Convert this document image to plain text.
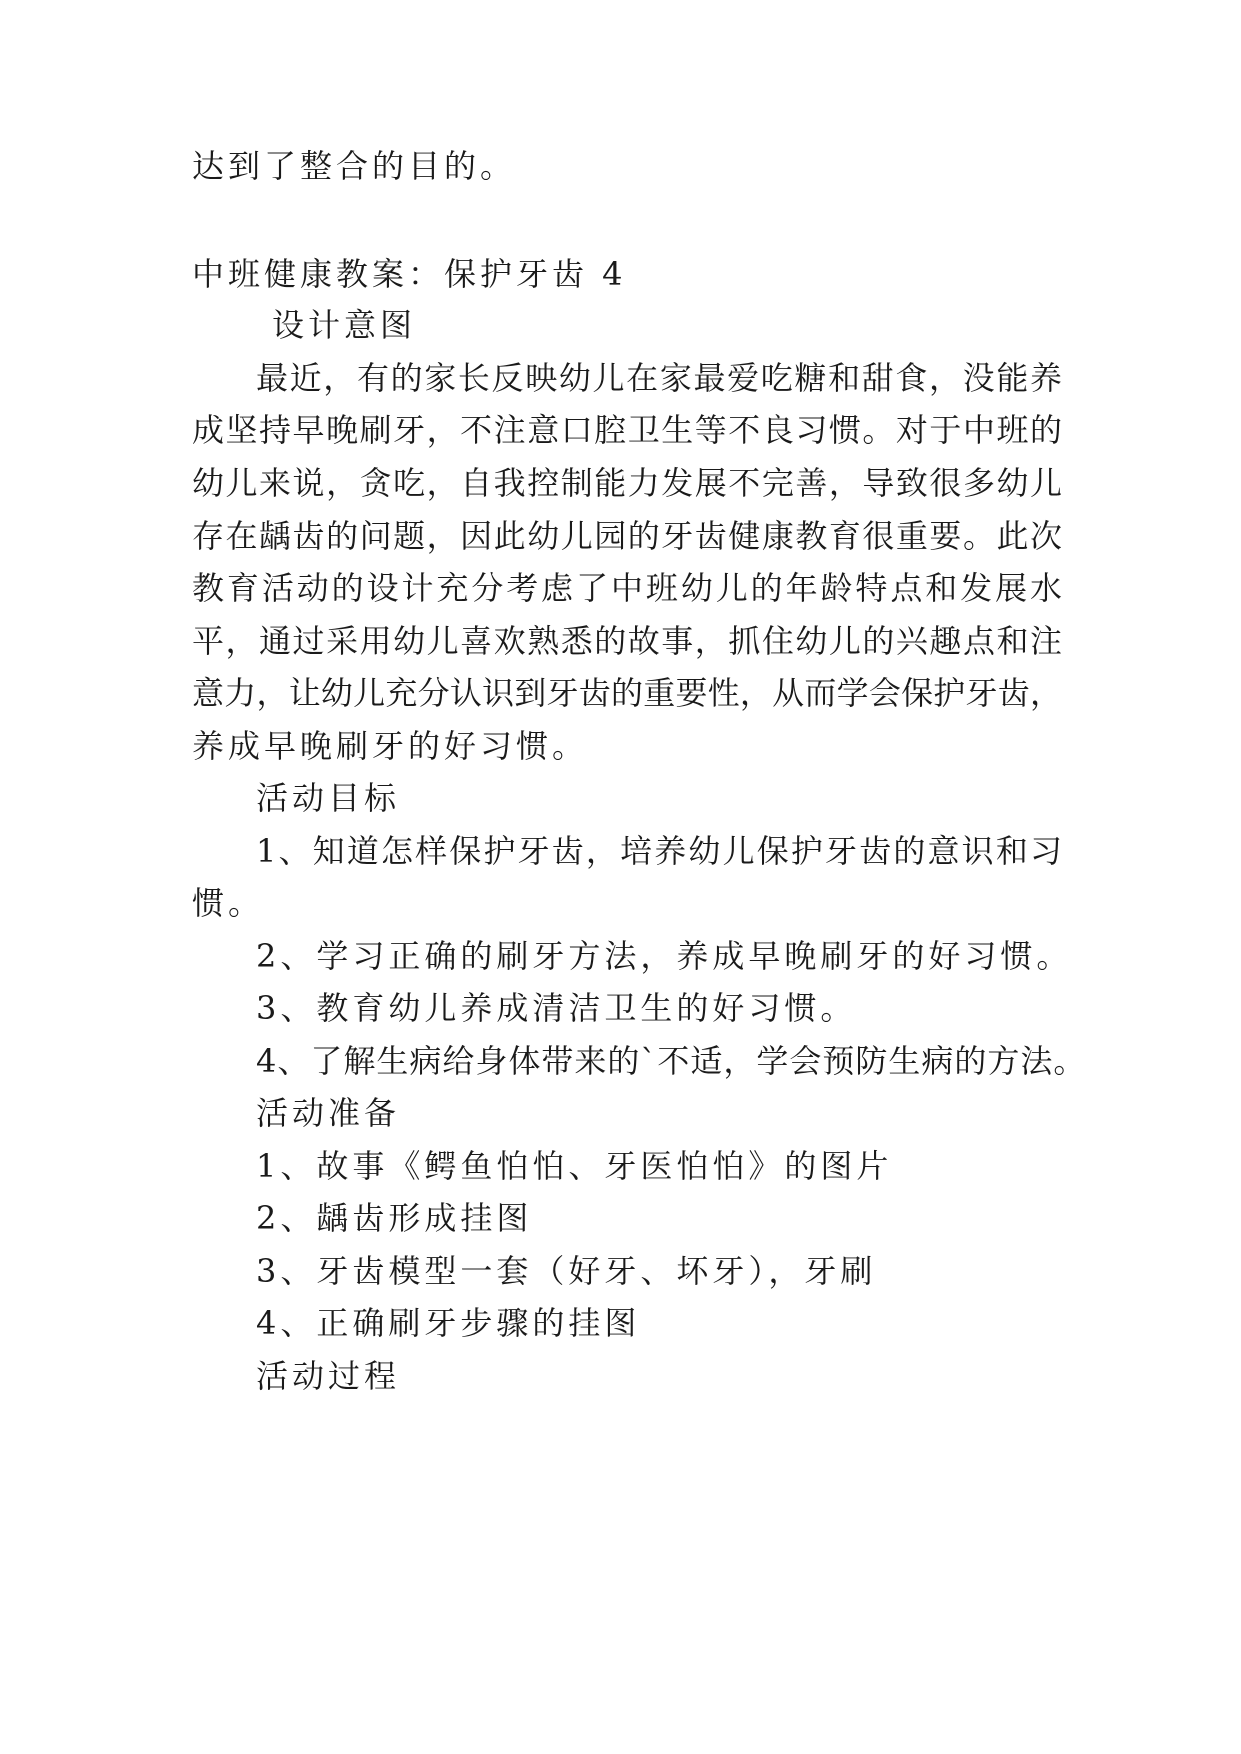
达到了整合的目的。
中班健康教案：保护牙齿 4
设计意图
最近，有的家长反映幼儿在家最爱吃糖和甜食，没能养
成坚持早晚刷牙，不注意口腔卫生等不良习惯。对于中班的
幼儿来说，贪吃，自我控制能力发展不完善，导致很多幼儿
存在龋齿的问题，因此幼儿园的牙齿健康教育很重要。此次
教育活动的设计充分考虑了中班幼儿的年龄特点和发展水
平，通过采用幼儿喜欢熟悉的故事，抓住幼儿的兴趣点和注
意力，让幼儿充分认识到牙齿的重要性，从而学会保护牙齿，
养成早晚刷牙的好习惯。
活动目标
1、知道怎样保护牙齿，培养幼儿保护牙齿的意识和习
惯。
2、学习正确的刷牙方法，养成早晚刷牙的好习惯。
3、教育幼儿养成清洁卫生的好习惯。
4、了解生病给身体带来的`不适，学会预防生病的方法。
活动准备
1、故事《鳄鱼怕怕、牙医怕怕》的图片
2、龋齿形成挂图
3、牙齿模型一套（好牙、坏牙），牙刷
4、正确刷牙步骤的挂图
活动过程
